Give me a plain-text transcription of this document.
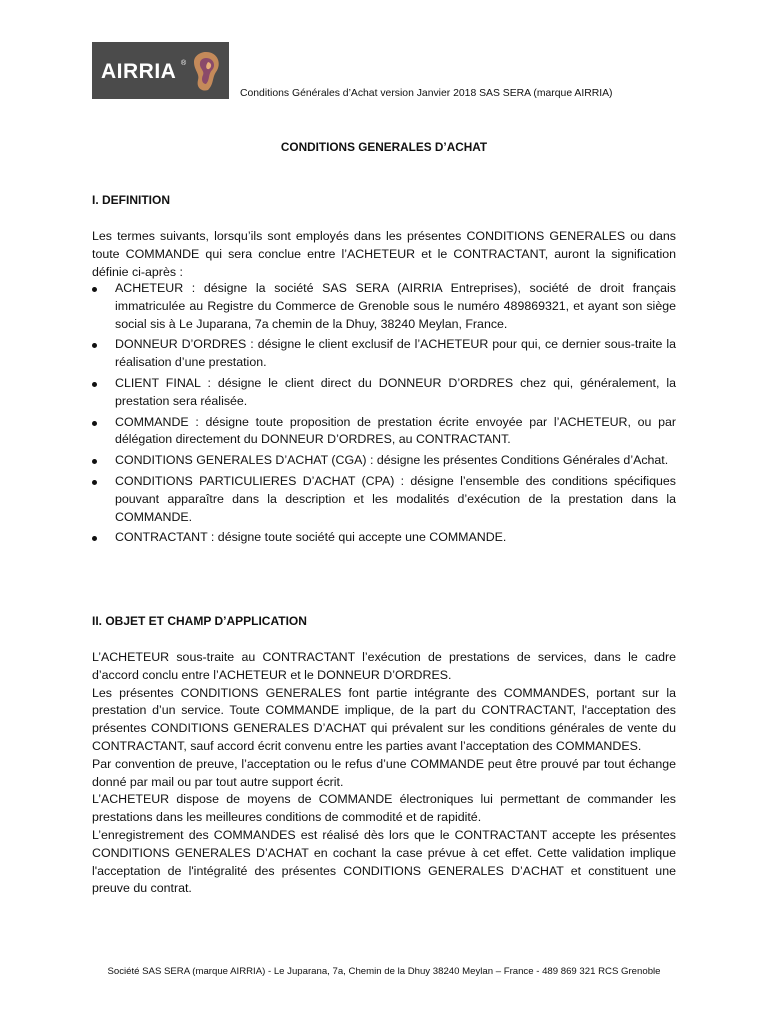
AIRRIA ®
Conditions Générales d’Achat version Janvier 2018 SAS SERA (marque AIRRIA)
CONDITIONS GENERALES D’ACHAT
I. DEFINITION

Les termes suivants, lorsqu’ils sont employés dans les présentes CONDITIONS GENERALES ou dans toute COMMANDE qui sera conclue entre l’ACHETEUR et le CONTRACTANT, auront la signification définie ci-après :

ACHETEUR : désigne la société SAS SERA (AIRRIA Entreprises), société de droit français immatriculée au Registre du Commerce de Grenoble sous le numéro 489869321, et ayant son siège social sis à Le Juparana, 7a chemin de la Dhuy, 38240 Meylan, France.
DONNEUR D’ORDRES : désigne le client exclusif de l’ACHETEUR pour qui, ce dernier sous-traite la réalisation d’une prestation.
CLIENT FINAL : désigne le client direct du DONNEUR D’ORDRES chez qui, généralement, la prestation sera réalisée.
COMMANDE : désigne toute proposition de prestation écrite envoyée par l’ACHETEUR, ou par délégation directement du DONNEUR D’ORDRES, au CONTRACTANT.
CONDITIONS GENERALES D’ACHAT (CGA) : désigne les présentes Conditions Générales d’Achat.
CONDITIONS PARTICULIERES D’ACHAT (CPA) : désigne l’ensemble des conditions spécifiques pouvant apparaître dans la description et les modalités d’exécution de la prestation dans la COMMANDE.
CONTRACTANT : désigne toute société qui accepte une COMMANDE.
II. OBJET ET CHAMP D’APPLICATION

L’ACHETEUR sous-traite au CONTRACTANT l’exécution de prestations de services, dans le cadre d’accord conclu entre l’ACHETEUR et le DONNEUR D’ORDRES.

Les présentes CONDITIONS GENERALES font partie intégrante des COMMANDES, portant sur la prestation d’un service. Toute COMMANDE implique, de la part du CONTRACTANT, l'acceptation des présentes CONDITIONS GENERALES D’ACHAT qui prévalent sur les conditions générales de vente du CONTRACTANT, sauf accord écrit convenu entre les parties avant l’acceptation des COMMANDES.

Par convention de preuve, l’acceptation ou le refus d’une COMMANDE peut être prouvé par tout échange donné par mail ou par tout autre support écrit.

L’ACHETEUR dispose de moyens de COMMANDE électroniques lui permettant de commander les prestations dans les meilleures conditions de commodité et de rapidité.

L’enregistrement des COMMANDES est réalisé dès lors que le CONTRACTANT accepte les présentes CONDITIONS GENERALES D’ACHAT en cochant la case prévue à cet effet. Cette validation implique l'acceptation de l'intégralité des présentes CONDITIONS GENERALES D’ACHAT et constituent une preuve du contrat.

Société SAS SERA (marque AIRRIA) - Le Juparana, 7a, Chemin de la Dhuy 38240 Meylan – France - 489 869 321 RCS Grenoble
